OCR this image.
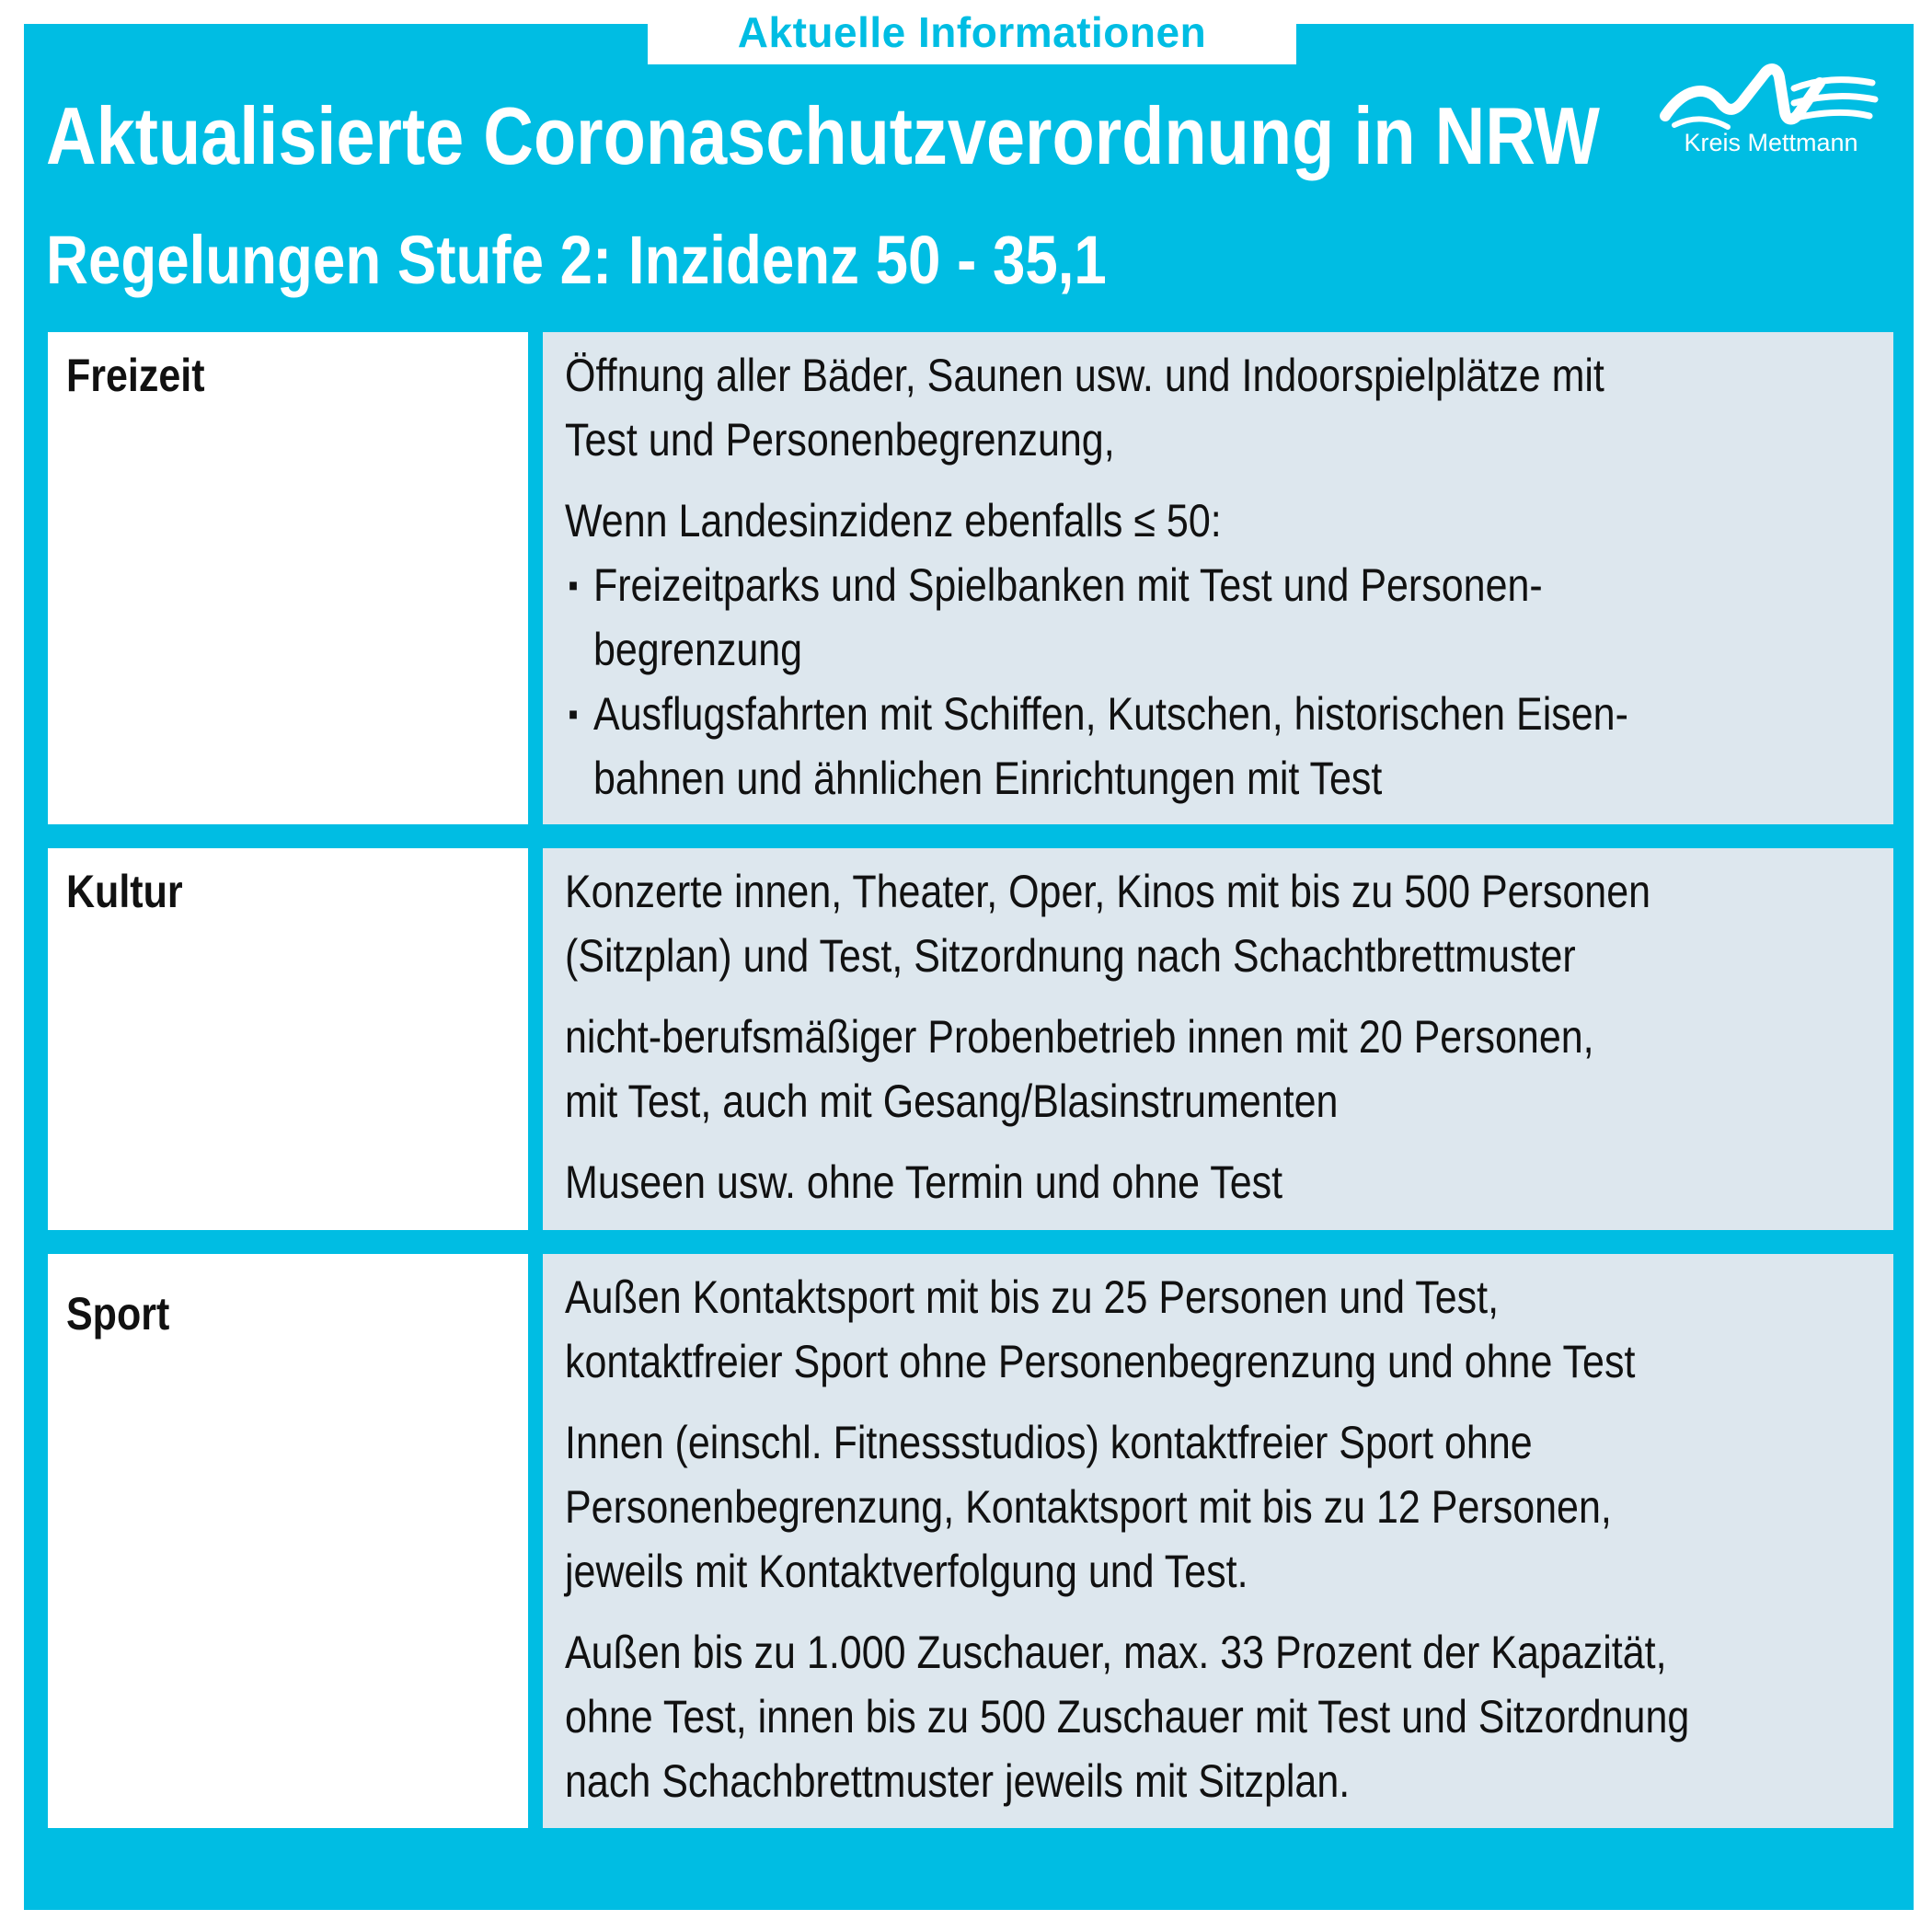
Aktuelle Informationen
Aktualisierte Coronaschutzverordnung in NRW
Regelungen Stufe 2: Inzidenz 50 - 35,1
Kreis Mettmann
Freizeit	Öffnung aller Bäder, Saunen usw. und Indoorspielplätze mit
Test und Personenbegrenzung,

Wenn Landesinzidenz ebenfalls ≤ 50:

▪ Freizeitparks und Spielbanken mit Test und Personen-
begrenzung
▪ Ausflugsfahrten mit Schiffen, Kutschen, historischen Eisen-
bahnen und ähnlichen Einrichtungen mit Test
Kultur	Konzerte innen, Theater, Oper, Kinos mit bis zu 500 Personen
(Sitzplan) und Test, Sitzordnung nach Schachtbrettmuster

nicht-berufsmäßiger Probenbetrieb innen mit 20 Personen,
mit Test, auch mit Gesang/Blasinstrumenten

Museen usw. ohne Termin und ohne Test

Sport	Außen Kontaktsport mit bis zu 25 Personen und Test,
kontaktfreier Sport ohne Personenbegrenzung und ohne Test

Innen (einschl. Fitnessstudios) kontaktfreier Sport ohne
Personenbegrenzung, Kontaktsport mit bis zu 12 Personen,
jeweils mit Kontaktverfolgung und Test.

Außen bis zu 1.000 Zuschauer, max. 33 Prozent der Kapazität,
ohne Test, innen bis zu 500 Zuschauer mit Test und Sitzordnung
nach Schachbrettmuster jeweils mit Sitzplan.
